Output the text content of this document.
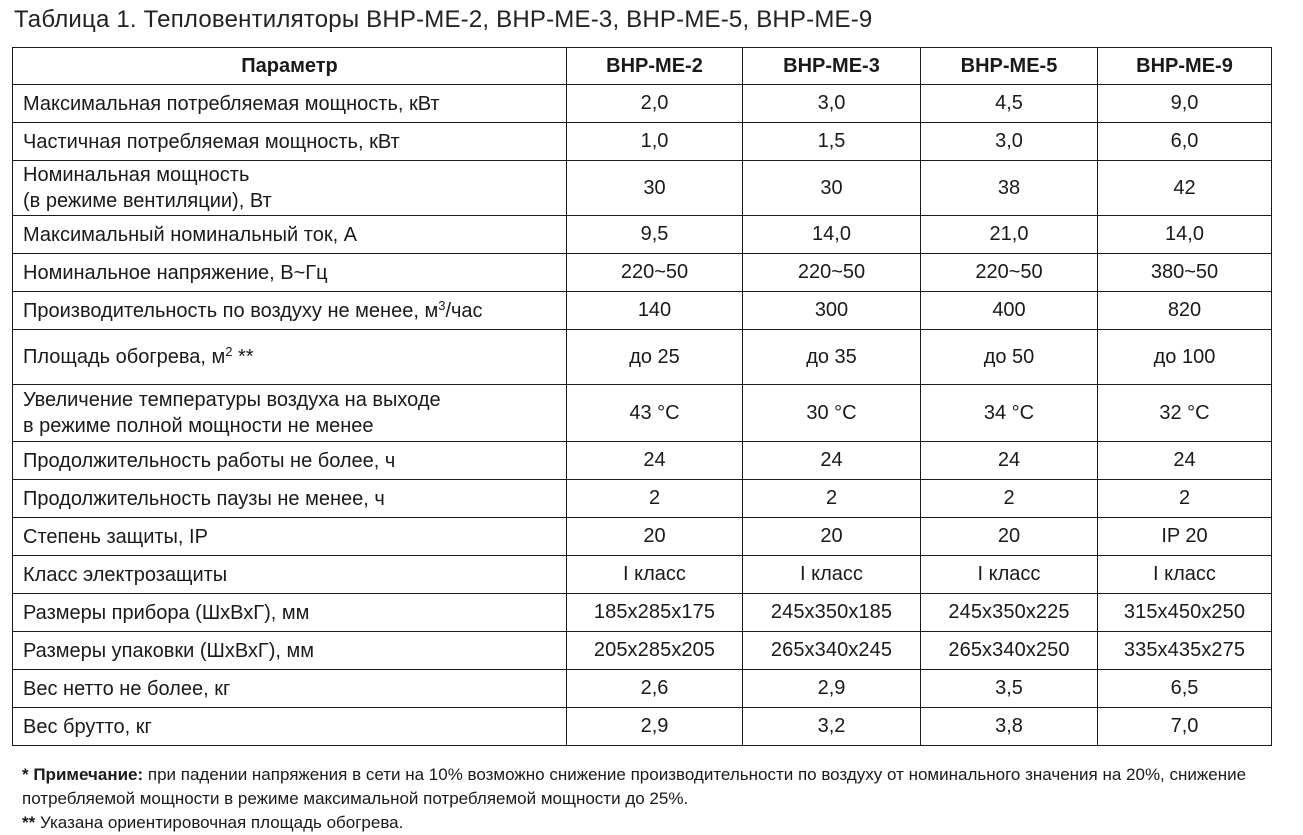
Таблица 1. Тепловентиляторы ВНР-МЕ-2, ВНР-МЕ-3, ВНР-МЕ-5, ВНР-МЕ-9
Параметр	ВНР-МЕ-2	ВНР-МЕ-3	ВНР-МЕ-5	ВНР-МЕ-9
Максимальная потребляемая мощность, кВт	2,0	3,0	4,5	9,0
Частичная потребляемая мощность, кВт	1,0	1,5	3,0	6,0
Номинальная мощность
(в режиме вентиляции), Вт	30	30	38	42
Максимальный номинальный ток, А	9,5	14,0	21,0	14,0
Номинальное напряжение, В~Гц	220~50	220~50	220~50	380~50
Производительность по воздуху не менее, $м^3$/час	140	300	400	820
Площадь обогрева, $м^2$ **	до 25	до 35	до 50	до 100
Увеличение температуры воздуха на выходе
в режиме полной мощности не менее	43 °С	30 °С	34 °С	32 °С
Продолжительность работы не более, ч	24	24	24	24
Продолжительность паузы не менее, ч	2	2	2	2
Степень защиты, IP	20	20	20	IP 20
Класс электрозащиты	I класс	I класс	I класс	I класс
Размеры прибора (ШхВхГ), мм	185x285x175	245x350x185	245x350x225	315x450x250
Размеры упаковки (ШхВхГ), мм	205x285x205	265x340x245	265x340x250	335x435x275
Вес нетто не более, кг	2,6	2,9	3,5	6,5
Вес брутто, кг	2,9	3,2	3,8	7,0

* Примечание: при падении напряжения в сети на 10% возможно снижение производительности по воздуху от номинального значения на 20%, снижение потребляемой мощности в режиме максимальной потребляемой мощности до 25%.

** Указана ориентировочная площадь обогрева.
